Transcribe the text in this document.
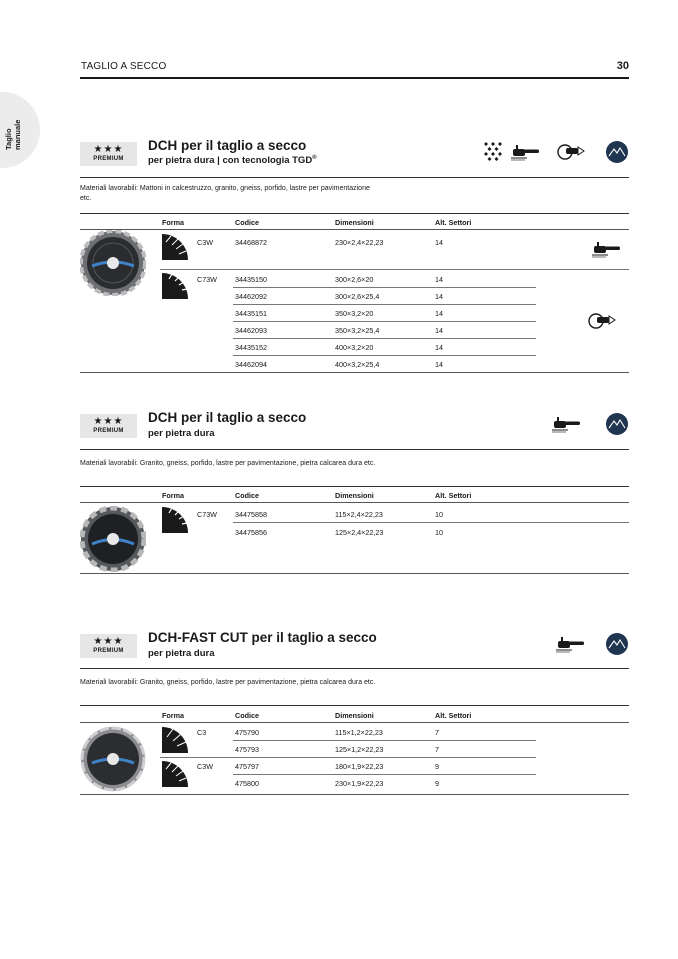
Taglio manuale
TAGLIO A SECCO	30
★★★
PREMIUM
DCH per il taglio a secco
per pietra dura | con tecnologia TGD®
Materiali lavorabili: Mattoni in calcestruzzo, granito, gneiss, porfido, lastre per pavimentazione etc.
Forma	Codice	Dimensioni	Alt. Settori
C3W	34468872	230×2,4×22,23	14
C73W	34435150	300×2,6×20	14
34462092	300×2,6×25,4	14
34435151	350×3,2×20	14
34462093	350×3,2×25,4	14
34435152	400×3,2×20	14
34462094	400×3,2×25,4	14
★★★
PREMIUM
DCH per il taglio a secco
per pietra dura
Materiali lavorabili: Granito, gneiss, porfido, lastre per pavimentazione, pietra calcarea dura etc.
Forma	Codice	Dimensioni	Alt. Settori
C73W	34475858	115×2,4×22,23	10
34475856	125×2,4×22,23	10
★★★
PREMIUM
DCH-FAST CUT per il taglio a secco
per pietra dura
Materiali lavorabili: Granito, gneiss, porfido, lastre per pavimentazione, pietra calcarea dura etc.
Forma	Codice	Dimensioni	Alt. Settori
C3	475790	115×1,2×22,23	7
475793	125×1,2×22,23	7
C3W	475797	180×1,9×22,23	9
475800	230×1,9×22,23	9
